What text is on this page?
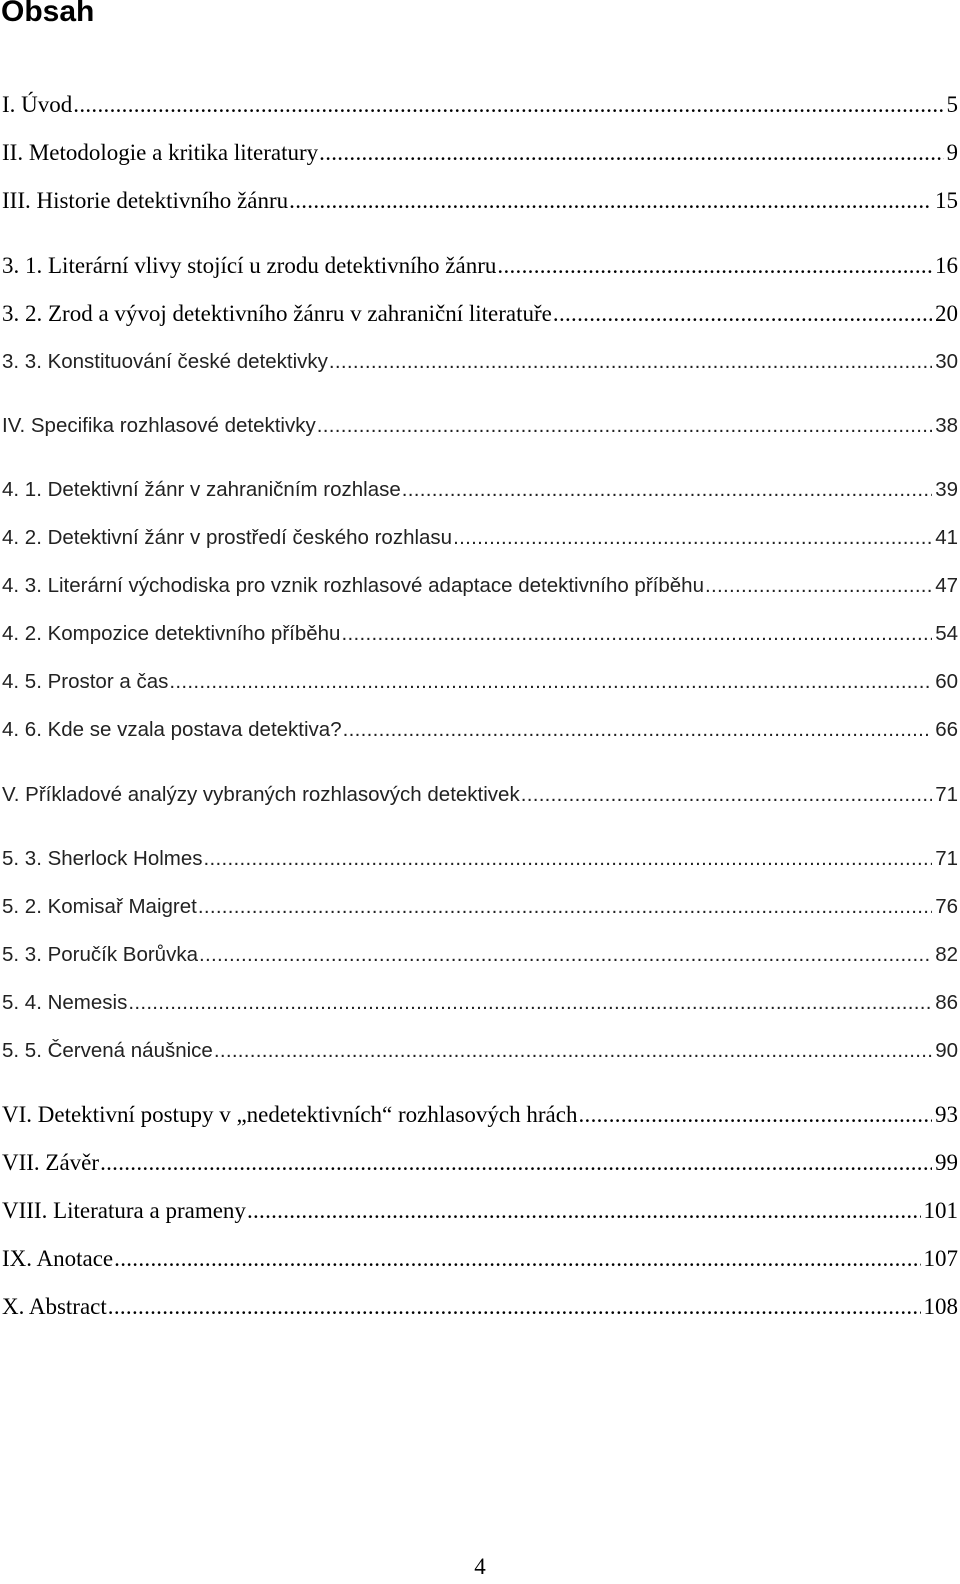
Obsah
I. Úvod .....	5
II. Metodologie a kritika literatury .....	9
III. Historie detektivního žánru .....	15
3. 1. Literární vlivy stojící u zrodu detektivního žánru .....	16
3. 2. Zrod a vývoj detektivního žánru v zahraniční literatuře .....	20
3. 3. Konstituování české detektivky .....	30
IV. Specifika rozhlasové detektivky .....	38
4. 1. Detektivní žánr v zahraničním rozhlase .....	39
4. 2. Detektivní žánr v prostředí českého rozhlasu .....	41
4. 3. Literární východiska pro vznik rozhlasové adaptace detektivního příběhu .....	47
4. 2. Kompozice detektivního příběhu .....	54
4. 5. Prostor a čas .....	60
4. 6. Kde se vzala postava detektiva? .....	66
V. Příkladové analýzy vybraných rozhlasových detektivek .....	71
5. 3. Sherlock Holmes .....	71
5. 2. Komisař Maigret .....	76
5. 3. Poručík Borůvka .....	82
5. 4. Nemesis .....	86
5. 5. Červená náušnice .....	90
VI. Detektivní postupy v „nedetektivních“ rozhlasových hrách .....	93
VII. Závěr .....	99
VIII. Literatura a prameny .....	101
IX. Anotace .....	107
X. Abstract .....	108
4
